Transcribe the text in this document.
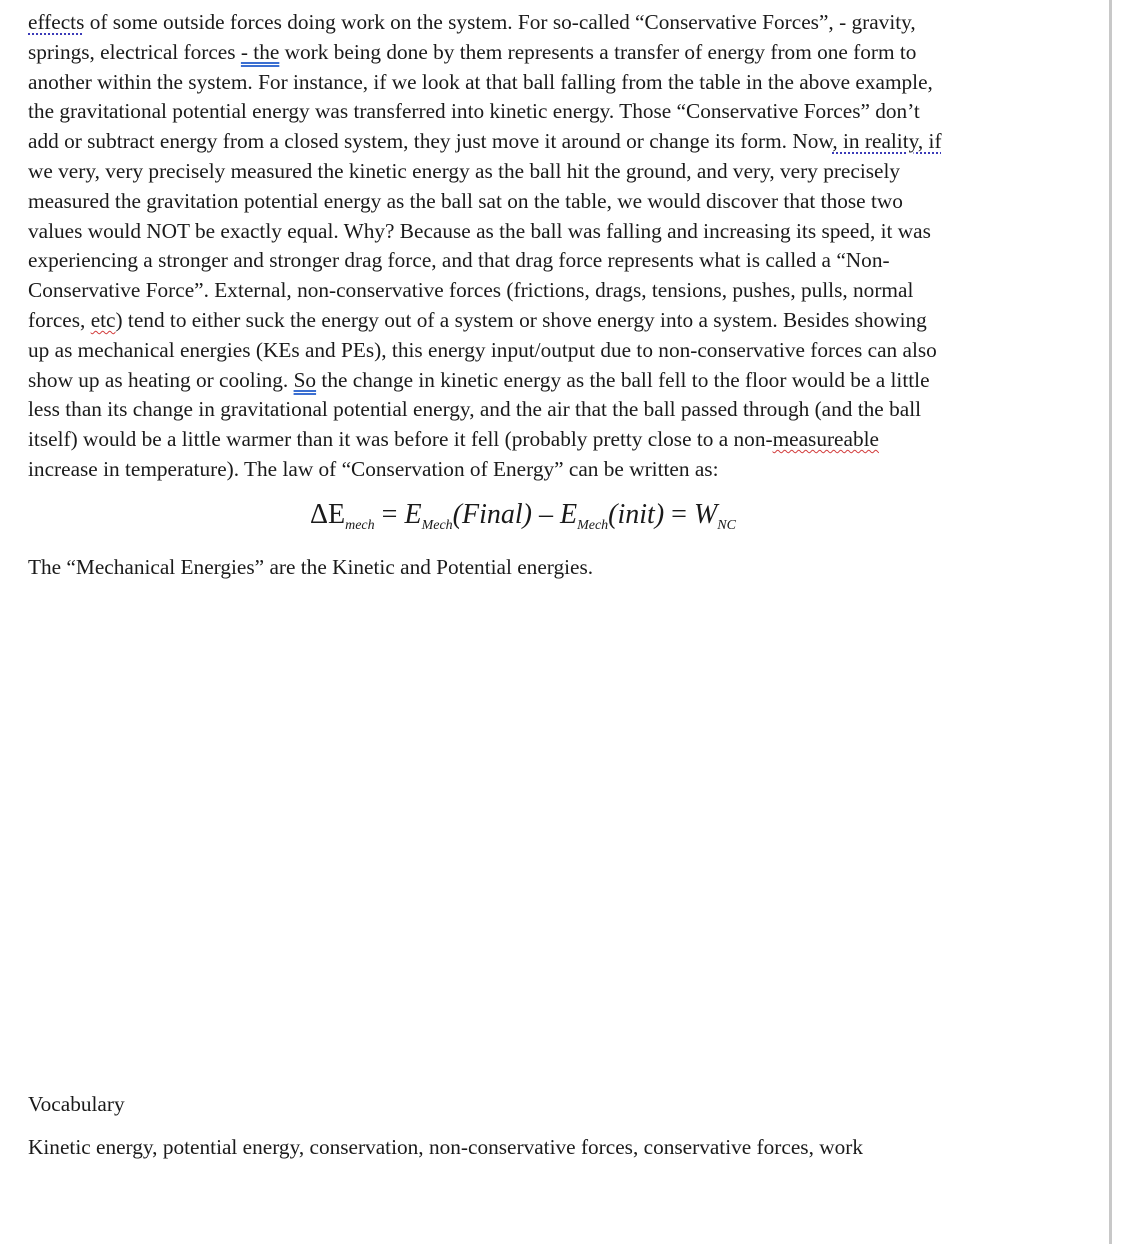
effects of some outside forces doing work on the system. For so-called “Conservative Forces”, - gravity,
springs, electrical forces - the work being done by them represents a transfer of energy from one form to
another within the system. For instance, if we look at that ball falling from the table in the above example,
the gravitational potential energy was transferred into kinetic energy. Those “Conservative Forces” don’t
add or subtract energy from a closed system, they just move it around or change its form. Now, in reality, if
we very, very precisely measured the kinetic energy as the ball hit the ground, and very, very precisely
measured the gravitation potential energy as the ball sat on the table, we would discover that those two
values would NOT be exactly equal. Why? Because as the ball was falling and increasing its speed, it was
experiencing a stronger and stronger drag force, and that drag force represents what is called a “Non-
Conservative Force”. External, non-conservative forces (frictions, drags, tensions, pushes, pulls, normal
forces, etc) tend to either suck the energy out of a system or shove energy into a system. Besides showing
up as mechanical energies (KEs and PEs), this energy input/output due to non-conservative forces can also
show up as heating or cooling. So the change in kinetic energy as the ball fell to the floor would be a little
less than its change in gravitational potential energy, and the air that the ball passed through (and the ball
itself) would be a little warmer than it was before it fell (probably pretty close to a non-measureable
increase in temperature). The law of “Conservation of Energy” can be written as:

$\Delta E_{mech}$ = $E_{Mech}(Final)$ – $E_{Mech}(init) = W_{NC}$

The “Mechanical Energies” are the Kinetic and Potential energies.

Vocabulary

Kinetic energy, potential energy, conservation, non-conservative forces, conservative forces, work
